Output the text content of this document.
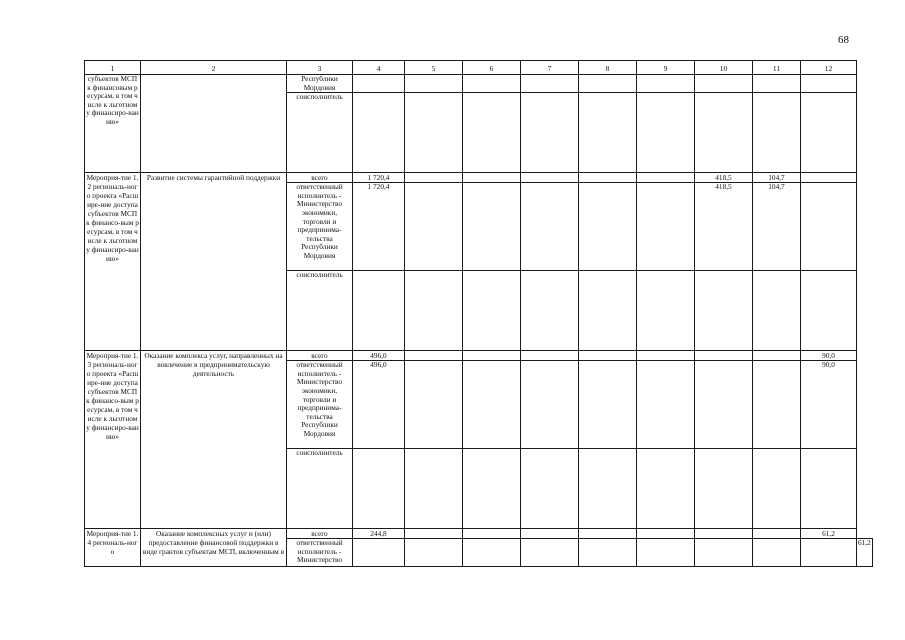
68
1	2	3	4	5	6	7	8	9	10	11	12	
субъектов МСП к финансовым ресурсам, в том числе к льготному финансиро-ванию»		Республики Мордовия										
		соисполнитель										
Мероприя-тие 1.2 региональ-ного проекта «Расшире-ние доступа субъектов МСП к финансо-вым ресурсам, в том числе к льготному финансиро-ванию»	Развитие системы гарантийной поддержки	всего	1 720,4						418,5	104,7		
		ответственный исполнитель - Министерство экономики, торговли и предпринима-тельства Республики Мордовия	1 720,4						418,5	104,7		
		соисполнитель										
Мероприя-тие 1.3 региональ-ного проекта «Расшире-ние доступа субъектов МСП к финансо-вым ресурсам, в том числе к льготному финансиро-ванию»	Оказание комплекса услуг, направленных на вовлечение в предпринимательскую деятельность	всего	496,0								90,0	
		ответственный исполнитель - Министерство экономики, торговли и предпринима-тельства Республики Мордовия	496,0								90,0	
		соисполнитель										
Мероприя-тие 1.4 региональ-ного	Оказание комплексных услуг и (или) предоставление финансовой поддержки в виде грантов субъектам МСП, включенным в	всего	244,8								61,2	
		ответственный исполнитель - Министерство										61,2
